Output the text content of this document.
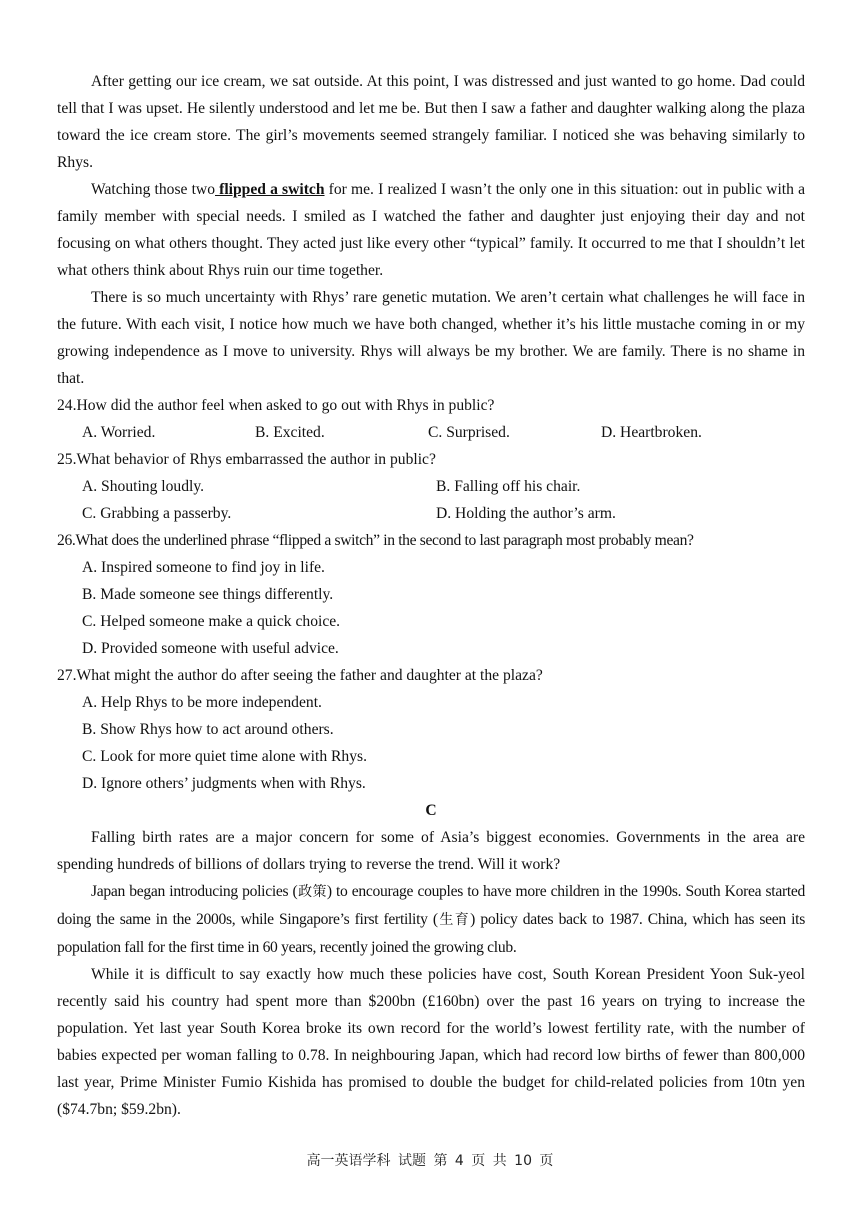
After getting our ice cream, we sat outside. At this point, I was distressed and just wanted to go home. Dad could tell that I was upset. He silently understood and let me be. But then I saw a father and daughter walking along the plaza toward the ice cream store. The girl’s movements seemed strangely familiar. I noticed she was behaving similarly to Rhys.

Watching those two flipped a switch for me. I realized I wasn’t the only one in this situation: out in public with a family member with special needs. I smiled as I watched the father and daughter just enjoying their day and not focusing on what others thought. They acted just like every other “typical” family. It occurred to me that I shouldn’t let what others think about Rhys ruin our time together.

There is so much uncertainty with Rhys’ rare genetic mutation. We aren’t certain what challenges he will face in the future. With each visit, I notice how much we have both changed, whether it’s his little mustache coming in or my growing independence as I move to university. Rhys will always be my brother. We are family. There is no shame in that.

24.How did the author feel when asked to go out with Rhys in public?
A. Worried.	B. Excited.	C. Surprised.	D. Heartbroken.
25.What behavior of Rhys embarrassed the author in public?
A. Shouting loudly.	B. Falling off his chair.
C. Grabbing a passerby.	D. Holding the author’s arm.
26.What does the underlined phrase “flipped a switch” in the second to last paragraph most probably mean?
A. Inspired someone to find joy in life.
B. Made someone see things differently.
C. Helped someone make a quick choice.
D. Provided someone with useful advice.
27.What might the author do after seeing the father and daughter at the plaza?
A. Help Rhys to be more independent.
B. Show Rhys how to act around others.
C. Look for more quiet time alone with Rhys.
D. Ignore others’ judgments when with Rhys.
C

Falling birth rates are a major concern for some of Asia’s biggest economies. Governments in the area are spending hundreds of billions of dollars trying to reverse the trend. Will it work?

Japan began introducing policies (政策) to encourage couples to have more children in the 1990s. South Korea started doing the same in the 2000s, while Singapore’s first fertility (生育) policy dates back to 1987. China, which has seen its population fall for the first time in 60 years, recently joined the growing club.

While it is difficult to say exactly how much these policies have cost, South Korean President Yoon Suk-yeol recently said his country had spent more than $200bn (£160bn) over the past 16 years on trying to increase the population. Yet last year South Korea broke its own record for the world’s lowest fertility rate, with the number of babies expected per woman falling to 0.78. In neighbouring Japan, which had record low births of fewer than 800,000 last year, Prime Minister Fumio Kishida has promised to double the budget for child-related policies from 10tn yen ($74.7bn; $59.2bn).

高一英语学科 试题 第 4 页 共 10 页
